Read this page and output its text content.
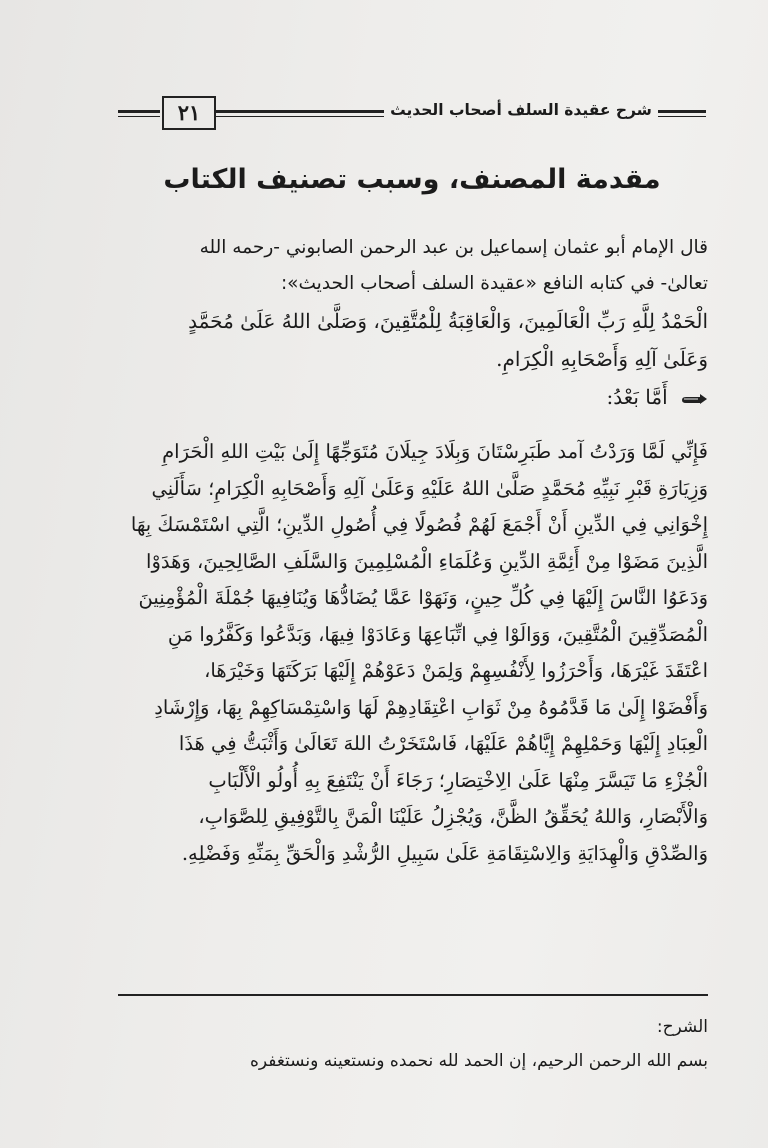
٢١	شرح عقيدة السلف أصحاب الحديث
مقدمة المصنف، وسبب تصنيف الكتاب
قال الإمام أبو عثمان إسماعيل بن عبد الرحمن الصابوني -رحمه الله
تعالىٰ- في كتابه النافع «عقيدة السلف أصحاب الحديث»:
الْحَمْدُ لِلَّهِ رَبِّ الْعَالَمِينَ، وَالْعَاقِبَةُ لِلْمُتَّقِينَ، وَصَلَّىٰ اللهُ عَلَىٰ مُحَمَّدٍ
وَعَلَىٰ آلِهِ وَأَصْحَابِهِ الْكِرَامِ.
أَمَّا بَعْدُ:
فَإِنِّي لَمَّا وَرَدْتُ آمد طَبَرِسْتَانَ وَبِلَادَ جِيلَانَ مُتَوَجِّهًا إِلَىٰ بَيْتِ اللهِ الْحَرَامِ
وَزِيَارَةِ قَبْرِ نَبِيِّهِ مُحَمَّدٍ صَلَّىٰ اللهُ عَلَيْهِ وَعَلَىٰ آلِهِ وَأَصْحَابِهِ الْكِرَامِ؛ سَأَلَنِي
إِخْوَانِي فِي الدِّينِ أَنْ أَجْمَعَ لَهُمْ فُصُولًا فِي أُصُولِ الدِّينِ؛ الَّتِي اسْتَمْسَكَ بِهَا
الَّذِينَ مَضَوْا مِنْ أَئِمَّةِ الدِّينِ وَعُلَمَاءِ الْمُسْلِمِينَ وَالسَّلَفِ الصَّالِحِينَ، وَهَدَوْا
وَدَعَوُا النَّاسَ إِلَيْهَا فِي كُلِّ حِينٍ، وَنَهَوْا عَمَّا يُضَادُّهَا وَيُنَافِيهَا جُمْلَةَ الْمُؤْمِنِينَ
الْمُصَدِّقِينَ الْمُتَّقِينَ، وَوَالَوْا فِي اتِّبَاعِهَا وَعَادَوْا فِيهَا، وَبَدَّعُوا وَكَفَّرُوا مَنِ
اعْتَقَدَ غَيْرَهَا، وَأَحْرَزُوا لِأَنْفُسِهِمْ وَلِمَنْ دَعَوْهُمْ إِلَيْهَا بَرَكَتَهَا وَخَيْرَهَا،
وَأَفْضَوْا إِلَىٰ مَا قَدَّمُوهُ مِنْ ثَوَابِ اعْتِقَادِهِمْ لَهَا وَاسْتِمْسَاكِهِمْ بِهَا، وَإِرْشَادِ
الْعِبَادِ إِلَيْهَا وَحَمْلِهِمْ إِيَّاهُمْ عَلَيْهَا، فَاسْتَخَرْتُ اللهَ تَعَالَىٰ وَأَثْبَتُّ فِي هَذَا
الْجُزْءِ مَا تَيَسَّرَ مِنْهَا عَلَىٰ الِاخْتِصَارِ؛ رَجَاءَ أَنْ يَنْتَفِعَ بِهِ أُولُو الْأَلْبَابِ
وَالْأَبْصَارِ، وَاللهُ يُحَقِّقُ الظَّنَّ، وَيُجْزِلُ عَلَيْنَا الْمَنَّ بِالتَّوْفِيقِ لِلصَّوَابِ،
وَالصِّدْقِ وَالْهِدَايَةِ وَالِاسْتِقَامَةِ عَلَىٰ سَبِيلِ الرُّشْدِ وَالْحَقِّ بِمَنِّهِ وَفَضْلِهِ.
الشرح:
بسم الله الرحمن الرحيم، إن الحمد لله نحمده ونستعينه ونستغفره
